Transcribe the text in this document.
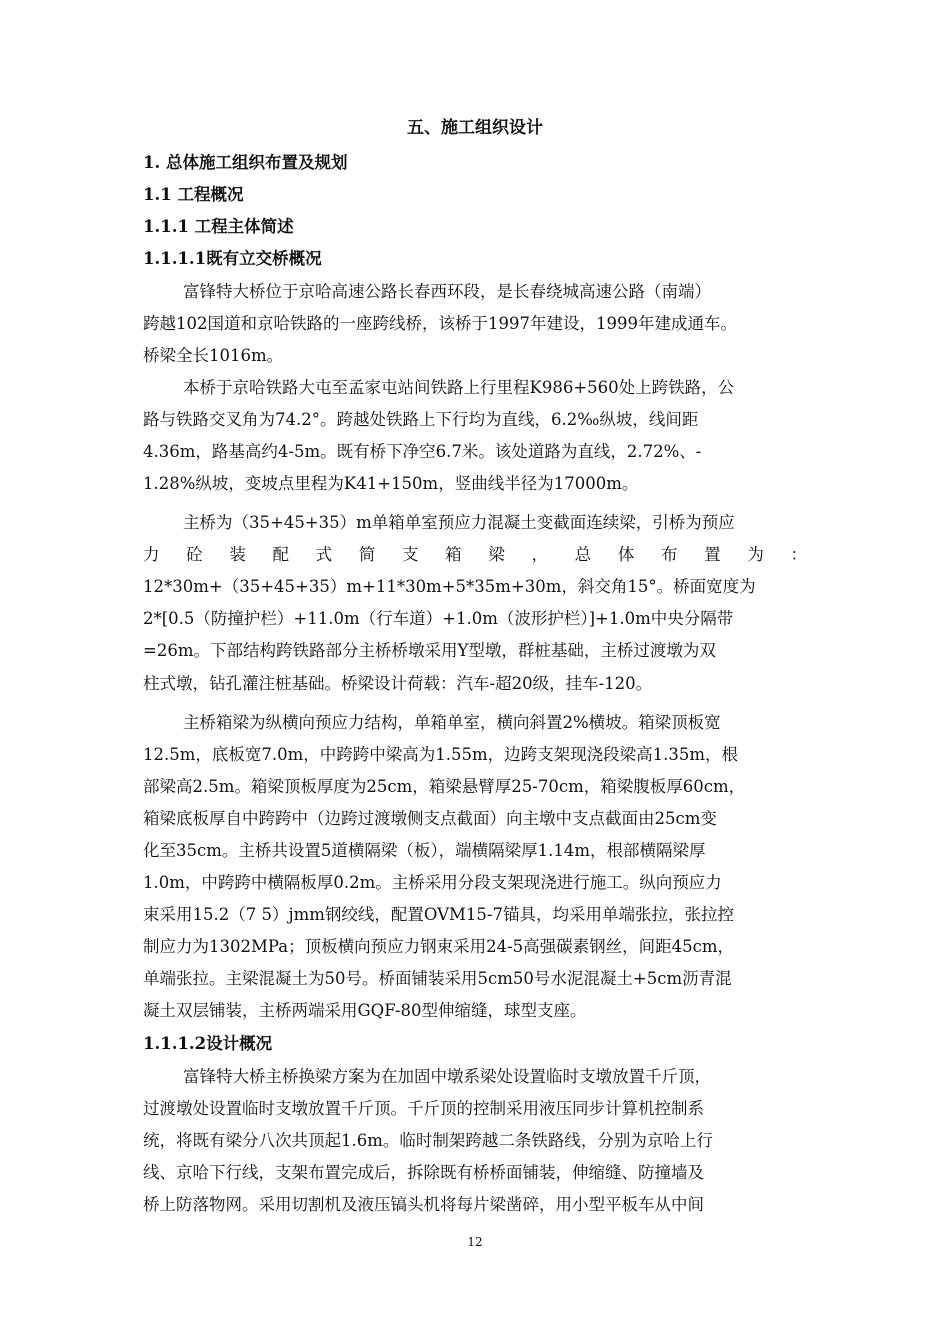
五、施工组织设计
1. 总体施工组织布置及规划
1.1 工程概况
1.1.1 工程主体简述
1.1.1.1既有立交桥概况
富锋特大桥位于京哈高速公路长春西环段，是长春绕城高速公路（南端）
跨越102国道和京哈铁路的一座跨线桥，该桥于1997年建设，1999年建成通车。
桥梁全长1016m。
本桥于京哈铁路大屯至孟家屯站间铁路上行里程K986+560处上跨铁路，公
路与铁路交叉角为74.2°。跨越处铁路上下行均为直线，6.2‰纵坡，线间距
4.36m，路基高约4-5m。既有桥下净空6.7米。该处道路为直线，2.72%、-
1.28%纵坡，变坡点里程为K41+150m，竖曲线半径为17000m。
主桥为（35+45+35）m单箱单室预应力混凝土变截面连续梁，引桥为预应
力 砼 装 配 式 简 支 箱 梁 ， 总 体 布 置 为 ：
12*30m+（35+45+35）m+11*30m+5*35m+30m，斜交角15°。桥面宽度为
2*[0.5（防撞护栏）+11.0m（行车道）+1.0m（波形护栏）]+1.0m中央分隔带
=26m。下部结构跨铁路部分主桥桥墩采用Y型墩，群桩基础，主桥过渡墩为双
柱式墩，钻孔灌注桩基础。桥梁设计荷载：汽车-超20级，挂车-120。
主桥箱梁为纵横向预应力结构，单箱单室，横向斜置2%横坡。箱梁顶板宽
12.5m，底板宽7.0m，中跨跨中梁高为1.55m，边跨支架现浇段梁高1.35m，根
部梁高2.5m。箱梁顶板厚度为25cm，箱梁悬臂厚25-70cm，箱梁腹板厚60cm，
箱梁底板厚自中跨跨中（边跨过渡墩侧支点截面）向主墩中支点截面由25cm变
化至35cm。主桥共设置5道横隔梁（板），端横隔梁厚1.14m，根部横隔梁厚
1.0m，中跨跨中横隔板厚0.2m。主桥采用分段支架现浇进行施工。纵向预应力
束采用15.2（7 5）jmm钢绞线，配置OVM15-7锚具，均采用单端张拉，张拉控
制应力为1302MPa；顶板横向预应力钢束采用24-5高强碳素钢丝，间距45cm，
单端张拉。主梁混凝土为50号。桥面铺装采用5cm50号水泥混凝土+5cm沥青混
凝土双层铺装，主桥两端采用GQF-80型伸缩缝，球型支座。
1.1.1.2设计概况
富锋特大桥主桥换梁方案为在加固中墩系梁处设置临时支墩放置千斤顶，
过渡墩处设置临时支墩放置千斤顶。千斤顶的控制采用液压同步计算机控制系
统，将既有梁分八次共顶起1.6m。临时制架跨越二条铁路线，分别为京哈上行
线、京哈下行线，支架布置完成后，拆除既有桥桥面铺装，伸缩缝、防撞墙及
桥上防落物网。采用切割机及液压镐头机将每片梁凿碎，用小型平板车从中间
12
